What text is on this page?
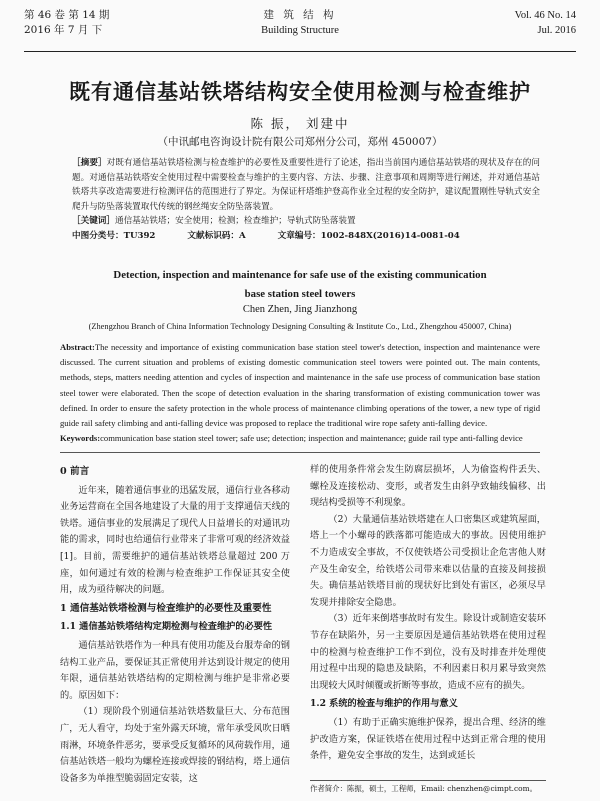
第 46 卷 第 14 期
2016 年 7 月 下
建 筑 结 构
Building Structure
Vol. 46 No. 14
Jul. 2016
既有通信基站铁塔结构安全使用检测与检查维护
陈 振， 刘建中
（中讯邮电咨询设计院有限公司郑州分公司，郑州 450007）
［摘要］对既有通信基站铁塔检测与检查维护的必要性及重要性进行了论述，指出当前国内通信基站铁塔的现状及存在的问题。对通信基站铁塔安全使用过程中需要检查与维护的主要内容、方法、步骤、注意事项和周期等进行阐述，并对通信基站铁塔共享改造需要进行检测评估的范围进行了界定。为保证杆塔维护登高作业全过程的安全防护，建议配置刚性导轨式安全爬升与防坠落装置取代传统的钢丝绳安全防坠落装置。
［关键词］通信基站铁塔；安全使用；检测；检查维护；导轨式防坠落装置
中图分类号：TU392	文献标识码：A	文章编号：1002-848X(2016)14-0081-04
Detection, inspection and maintenance for safe use of the existing communication
base station steel towers
Chen Zhen, Jing Jianzhong
(Zhengzhou Branch of China Information Technology Designing Consulting & Institute Co., Ltd., Zhengzhou 450007, China)
Abstract:The necessity and importance of existing communication base station steel tower's detection, inspection and maintenance were discussed. The current situation and problems of existing domestic communication steel towers were pointed out. The main contents, methods, steps, matters needing attention and cycles of inspection and maintenance in the safe use process of communication base station steel tower were elaborated. Then the scope of detection evaluation in the sharing transformation of existing communication tower was defined. In order to ensure the safety protection in the whole process of maintenance climbing operations of the tower, a new type of rigid guide rail safety climbing and anti-falling device was proposed to replace the traditional wire rope safety anti-falling device.
Keywords:communication base station steel tower; safe use; detection; inspection and maintenance; guide rail type anti-falling device
0 前言

近年来，随着通信事业的迅猛发展，通信行业各移动业务运营商在全国各地建设了大量的用于支撑通信天线的铁塔。通信事业的发展满足了现代人日益增长的对通讯功能的需求，同时也给通信行业带来了非常可观的经济效益[1]。目前，需要维护的通信基站铁塔总量超过 200 万座，如何通过有效的检测与检查维护工作保证其安全使用，成为亟待解决的问题。

1 通信基站铁塔检测与检查维护的必要性及重要性
1.1 通信基站铁塔结构定期检测与检查维护的必要性

通信基站铁塔作为一种具有使用功能及台服寿命的钢结构工业产品，要保证其正常使用并达到设计规定的使用年限，通信基站铁塔结构的定期检测与维护是非常必要的。原因如下：

（1）现阶段个别通信基站铁塔数量巨大、分布范围广，无人看守，均处于室外露天环境，常年承受风吹日晒雨淋，环境条件恶劣，要承受反复循环的风荷载作用，通信基站铁塔一般均为螺栓连接或焊接的钢结构，塔上通信设备多为单推型脆弱固定安装，这

样的使用条件常会发生防腐层损坏，人为偷盗构件丢失、螺栓及连接松动、变形，或者发生由斜孕致轴线偏移、出现结构受损等不利现象。

（2）大量通信基站铁塔建在人口密集区或建筑屋面，塔上一个小螺母的跌落都可能造成大的事故。因使用维护不力造成安全事故，不仅使铁塔公司受损让企危害他人财产及生命安全，给铁塔公司带来难以估量的直接及间接损失。确信基站铁塔目前的现状好比到处有雷区，必须尽早发现并排除安全隐患。

（3）近年来倒塔事故时有发生。除设计或制造安装环节存在缺陷外，另一主要原因是通信基站铁塔在使用过程中的检测与检查维护工作不到位，没有及时排查并处理使用过程中出现的隐患及缺陷，不利因素日积月累导致突然出现较大风时倾覆或折断等事故，造成不应有的损失。

1.2 系统的检查与维护的作用与意义

（1）有助于正确实施维护保养，提出合理、经济的维护改造方案，保证铁塔在使用过程中达到正常合理的使用条件，避免安全事故的发生，达到或延长

作者简介：陈振，硕士，工程师，Email: chenzhen@cimpt.com。
